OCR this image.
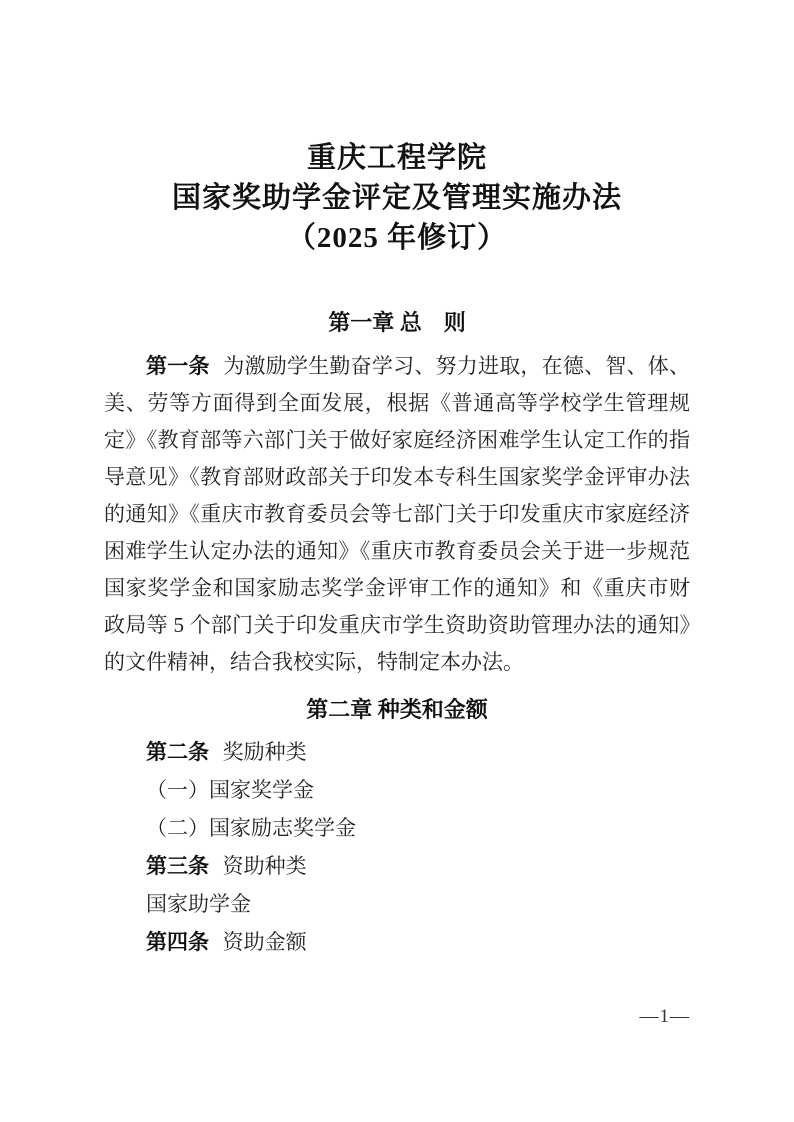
重庆工程学院
国家奖助学金评定及管理实施办法
（2025 年修订）
第一章 总　则

第一条 为激励学生勤奋学习、努力进取，在德、智、体、美、劳等方面得到全面发展，根据《普通高等学校学生管理规定》《教育部等六部门关于做好家庭经济困难学生认定工作的指导意见》《教育部财政部关于印发本专科生国家奖学金评审办法的通知》《重庆市教育委员会等七部门关于印发重庆市家庭经济困难学生认定办法的通知》《重庆市教育委员会关于进一步规范国家奖学金和国家励志奖学金评审工作的通知》和《重庆市财政局等 5 个部门关于印发重庆市学生资助资助管理办法的通知》的文件精神，结合我校实际，特制定本办法。

第二章 种类和金额
第二条 奖励种类
（一）国家奖学金
（二）国家励志奖学金
第三条 资助种类
国家助学金
第四条 资助金额
—1—
